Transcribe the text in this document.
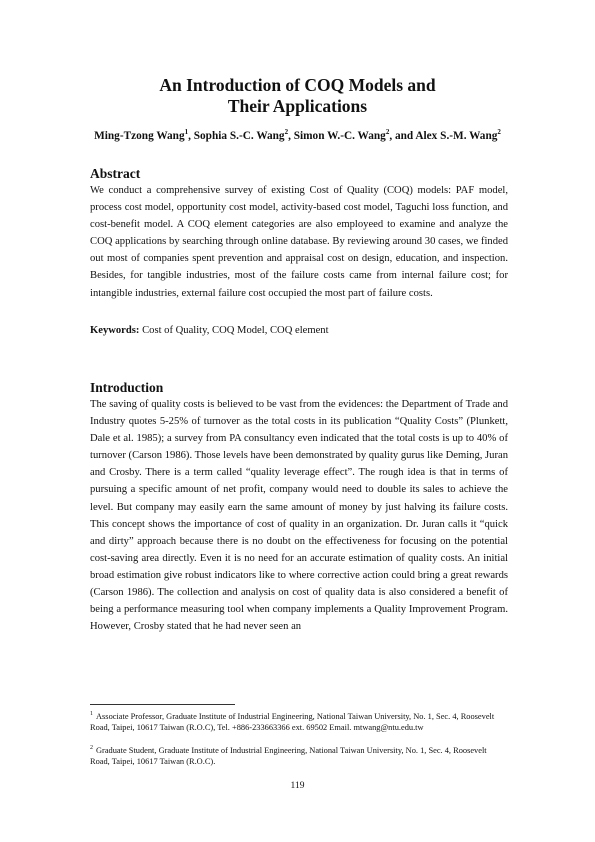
An Introduction of COQ Models and
Their Applications
Ming-Tzong Wang$^1$, Sophia S.-C. Wang$^2$, Simon W.-C. Wang$^2$, and Alex S.-M. Wang$^2$
Abstract

We conduct a comprehensive survey of existing Cost of Quality (COQ) models: PAF model, process cost model, opportunity cost model, activity-based cost model, Taguchi loss function, and cost-benefit model. A COQ element categories are also employeed to examine and analyze the COQ applications by searching through online database. By reviewing around 30 cases, we finded out most of companies spent prevention and appraisal cost on design, education, and inspection. Besides, for tangible industries, most of the failure costs came from internal failure cost; for intangible industries, external failure cost occupied the most part of failure costs.

Keywords: Cost of Quality, COQ Model, COQ element
Introduction

The saving of quality costs is believed to be vast from the evidences: the Department of Trade and Industry quotes 5-25% of turnover as the total costs in its publication “Quality Costs” (Plunkett, Dale et al. 1985); a survey from PA consultancy even indicated that the total costs is up to 40% of turnover (Carson 1986). Those levels have been demonstrated by quality gurus like Deming, Juran and Crosby. There is a term called “quality leverage effect”. The rough idea is that in terms of pursuing a specific amount of net profit, company would need to double its sales to achieve the level. But company may easily earn the same amount of money by just halving its failure costs. This concept shows the importance of cost of quality in an organization. Dr. Juran calls it “quick and dirty” approach because there is no doubt on the effectiveness for focusing on the potential cost-saving area directly. Even it is no need for an accurate estimation of quality costs. An initial broad estimation give robust indicators like to where corrective action could bring a great rewards (Carson 1986). The collection and analysis on cost of quality data is also considered a benefit of being a performance measuring tool when company implements a Quality Improvement Program. However, Crosby stated that he had never seen an

$^1$ Associate Professor, Graduate Institute of Industrial Engineering, National Taiwan University, No. 1, Sec. 4, Roosevelt Road, Taipei, 10617 Taiwan (R.O.C), Tel. +886-233663366 ext. 69502 Email. mtwang@ntu.edu.tw

$^2$ Graduate Student, Graduate Institute of Industrial Engineering, National Taiwan University, No. 1, Sec. 4, Roosevelt Road, Taipei, 10617 Taiwan (R.O.C).

119
